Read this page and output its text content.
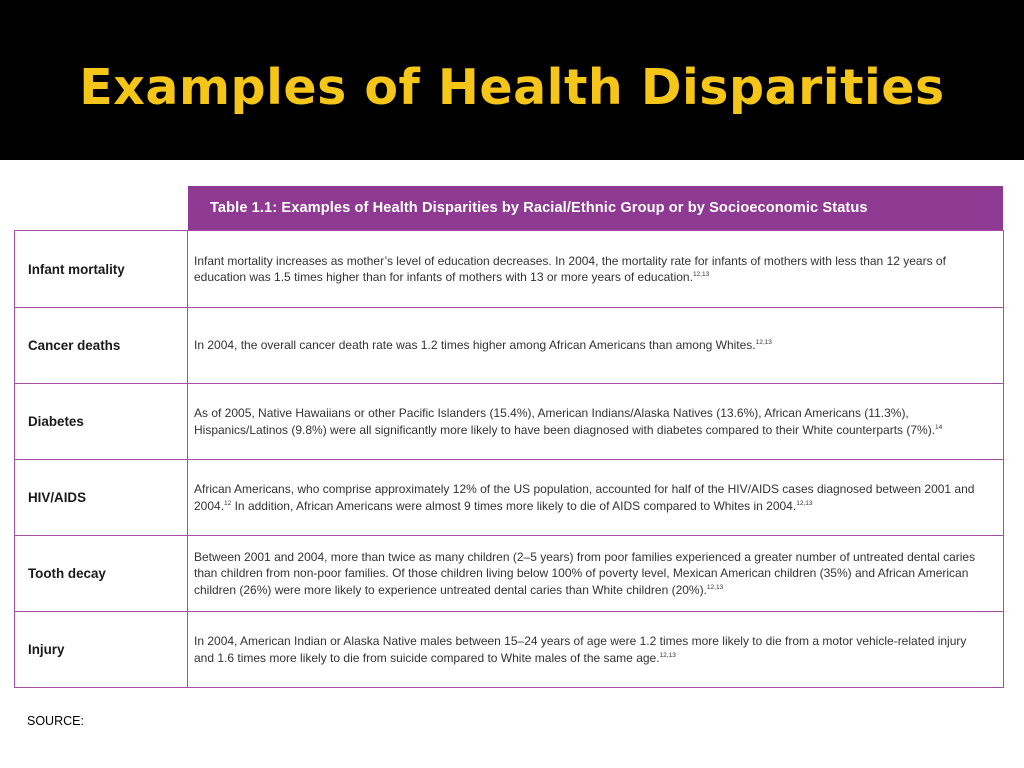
Examples of Health Disparities
Table 1.1: Examples of Health Disparities by Racial/Ethnic Group or by Socioeconomic Status
Infant mortality
Infant mortality increases as mother’s level of education decreases. In 2004, the mortality rate for infants of mothers with less than 12 years of education was 1.5 times higher than for infants of mothers with 13 or more years of education.$^{12,13}$
Cancer deaths	In 2004, the overall cancer death rate was 1.2 times higher among African Americans than among Whites.$^{12,13}$
Diabetes
As of 2005, Native Hawaiians or other Pacific Islanders (15.4%), American Indians/Alaska Natives (13.6%), African Americans (11.3%), Hispanics/Latinos (9.8%) were all significantly more likely to have been diagnosed with diabetes compared to their White counterparts (7%).$^{14}$
HIV/AIDS
African Americans, who comprise approximately 12% of the US population, accounted for half of the HIV/AIDS cases diagnosed between 2001 and 2004.12 In addition, African Americans were almost 9 times more likely to die of AIDS compared to Whites in 2004.$^{12,13}$
Tooth decay
Between 2001 and 2004, more than twice as many children (2–5 years) from poor families experienced a greater number of untreated dental caries than children from non-poor families. Of those children living below 100% of poverty level, Mexican American children (35%) and African American children (26%) were more likely to experience untreated dental caries than White children (20%).$^{12,13}$
Injury
In 2004, American Indian or Alaska Native males between 15–24 years of age were 1.2 times more likely to die from a motor vehicle-related injury and 1.6 times more likely to die from suicide compared to White males of the same age.$^{12,13}$
SOURCE:
